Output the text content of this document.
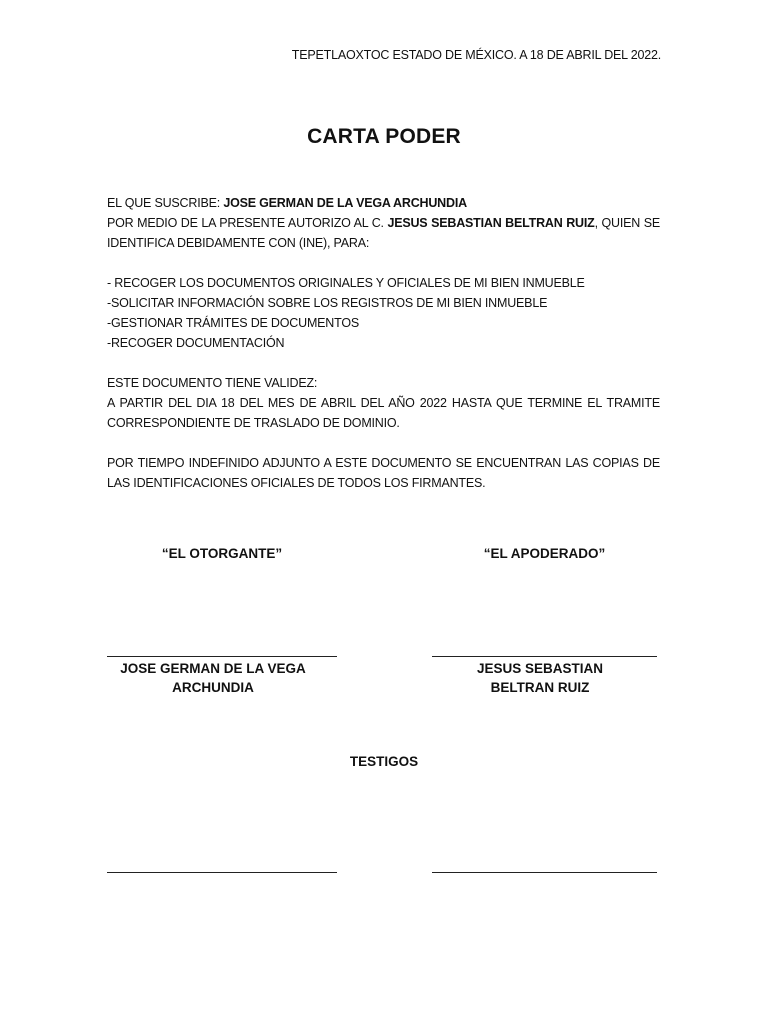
TEPETLAOXTOC ESTADO DE MÉXICO. A 18 DE ABRIL DEL 2022.
CARTA PODER
EL QUE SUSCRIBE: JOSE GERMAN DE LA VEGA ARCHUNDIA
POR MEDIO DE LA PRESENTE AUTORIZO AL C. JESUS SEBASTIAN BELTRAN RUIZ, QUIEN SE IDENTIFICA DEBIDAMENTE CON (INE), PARA:
- RECOGER LOS DOCUMENTOS ORIGINALES Y OFICIALES DE MI BIEN INMUEBLE
-SOLICITAR INFORMACIÓN SOBRE LOS REGISTROS DE MI BIEN INMUEBLE
-GESTIONAR TRÁMITES DE DOCUMENTOS
-RECOGER DOCUMENTACIÓN
ESTE DOCUMENTO TIENE VALIDEZ:
A PARTIR DEL DIA 18 DEL MES DE ABRIL DEL AÑO 2022 HASTA QUE TERMINE EL TRAMITE CORRESPONDIENTE DE TRASLADO DE DOMINIO.
POR TIEMPO INDEFINIDO ADJUNTO A ESTE DOCUMENTO SE ENCUENTRAN LAS COPIAS DE LAS IDENTIFICACIONES OFICIALES DE TODOS LOS FIRMANTES.
“EL OTORGANTE”	“EL APODERADO”
JOSE GERMAN DE LA VEGA
ARCHUNDIA
JESUS SEBASTIAN
BELTRAN RUIZ
TESTIGOS
